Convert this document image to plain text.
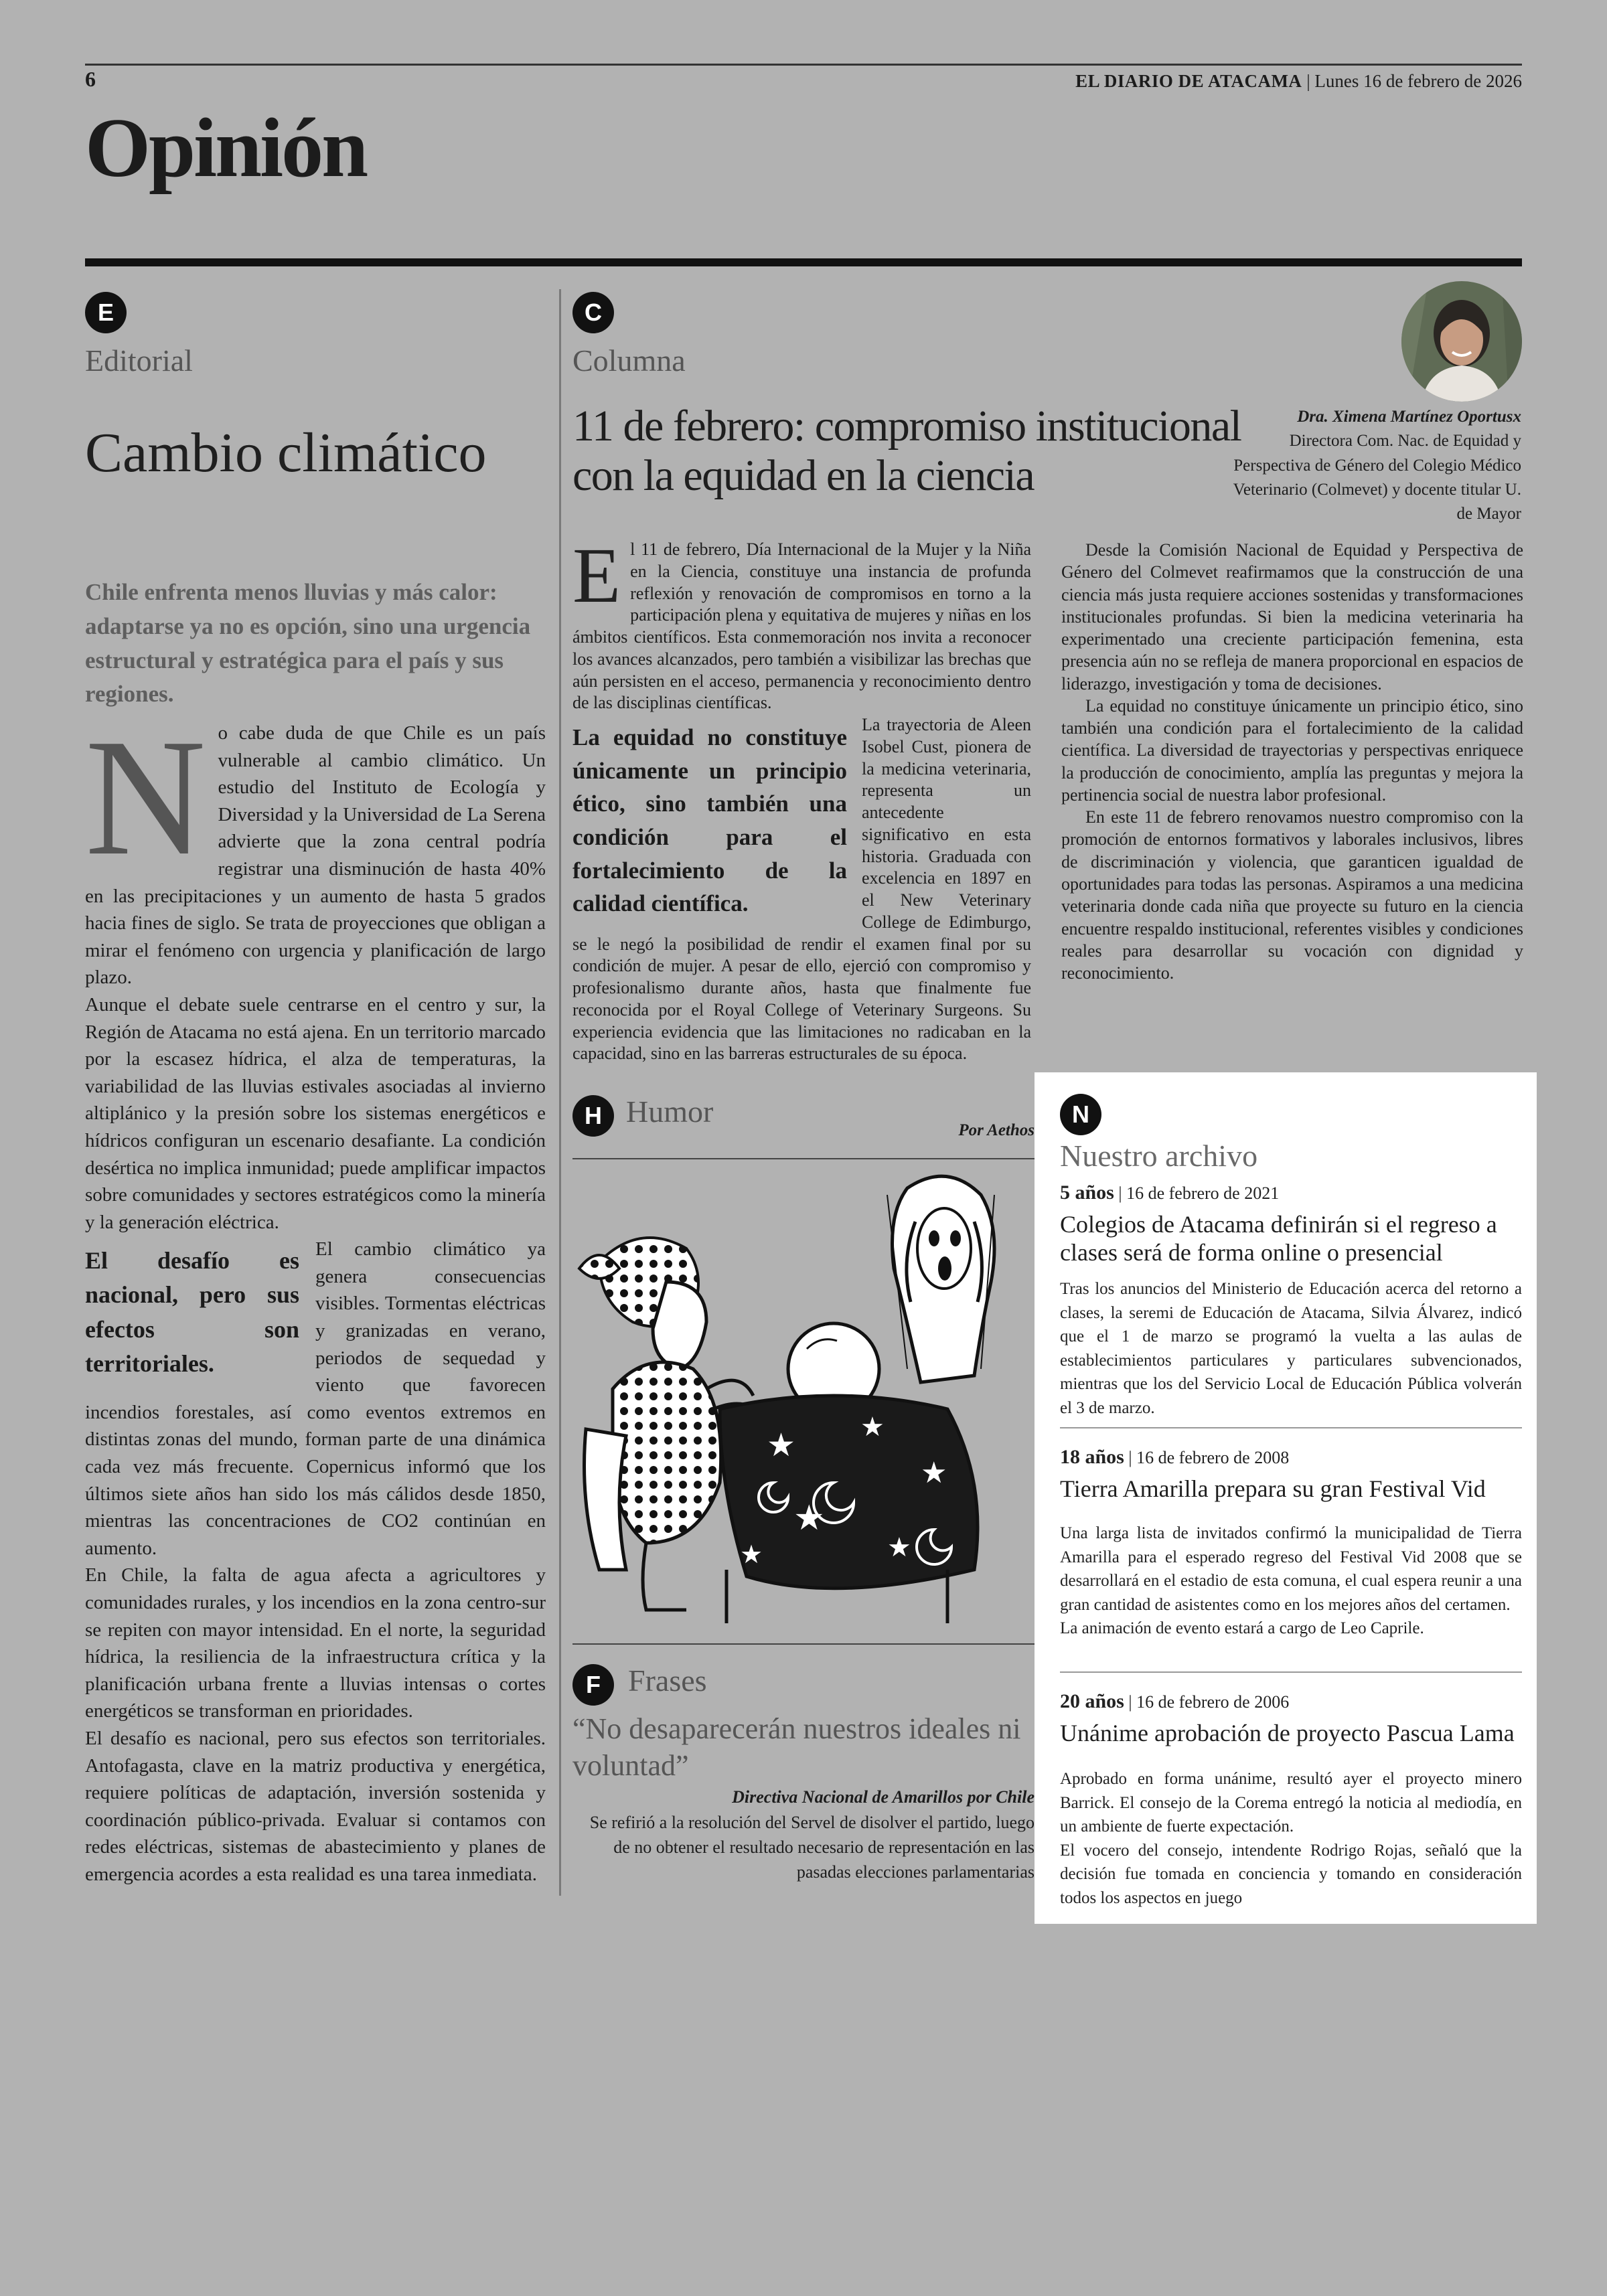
6	EL DIARIO DE ATACAMA | Lunes 16 de febrero de 2026
Opinión
E
Editorial
Cambio climático
Chile enfrenta menos lluvias y más calor: adaptarse ya no es opción, sino una urgencia estructural y estratégica para el país y sus regiones.
N o cabe duda de que Chile es un país vulnerable al cambio climático. Un estudio del Instituto de Ecología y Diversidad y la Universidad de La Serena advierte que la zona central podría registrar una disminución de hasta 40% en las precipitaciones y un aumento de hasta 5 grados hacia fines de siglo. Se trata de proyecciones que obligan a mirar el fenómeno con urgencia y planificación de largo plazo.

Aunque el debate suele centrarse en el centro y sur, la Región de Atacama no está ajena. En un territorio marcado por la escasez hídrica, el alza de temperaturas, la variabilidad de las lluvias estivales asociadas al invierno altiplánico y la presión sobre los sistemas energéticos e hídricos configuran un escenario desafiante. La condición desértica no implica inmunidad; puede amplificar impactos sobre comunidades y sectores estratégicos como la minería y la generación eléctrica.

El desafío es nacional, pero sus efectos son territoriales.

El cambio climático ya genera consecuencias visibles. Tormentas eléctricas y granizadas en verano, periodos de sequedad y viento que favorecen incendios forestales, así como eventos extremos en distintas zonas del mundo, forman parte de una dinámica cada vez más frecuente. Copernicus informó que los últimos siete años han sido los más cálidos desde 1850, mientras las concentraciones de CO2 continúan en aumento.

En Chile, la falta de agua afecta a agricultores y comunidades rurales, y los incendios en la zona centro-sur se repiten con mayor intensidad. En el norte, la seguridad hídrica, la resiliencia de la infraestructura crítica y la planificación urbana frente a lluvias intensas o cortes energéticos se transforman en prioridades.

El desafío es nacional, pero sus efectos son territoriales. Antofagasta, clave en la matriz productiva y energética, requiere políticas de adaptación, inversión sostenida y coordinación público-privada. Evaluar si contamos con redes eléctricas, sistemas de abastecimiento y planes de emergencia acordes a esta realidad es una tarea inmediata.

C
Columna
11 de febrero: compromiso institucional con la equidad en la ciencia
Dra. Ximena Martínez Oportusx
Directora Com. Nac. de Equidad y Perspectiva de Género del Colegio Médico Veterinario (Colmevet) y docente titular U. de Mayor
E l 11 de febrero, Día Internacional de la Mujer y la Niña en la Ciencia, constituye una instancia de profunda reflexión y renovación de compromisos en torno a la participación plena y equitativa de mujeres y niñas en los ámbitos científicos. Esta conmemoración nos invita a reconocer los avances alcanzados, pero también a visibilizar las brechas que aún persisten en el acceso, permanencia y reconocimiento dentro de las disciplinas científicas.

La equidad no constituye únicamente un principio ético, sino también una condición para el fortalecimiento de la calidad científica.

La trayectoria de Aleen Isobel Cust, pionera de la medicina veterinaria, representa un antecedente significativo en esta historia. Graduada con excelencia en 1897 en el New Veterinary College de Edimburgo, se le negó la posibilidad de rendir el examen final por su condición de mujer. A pesar de ello, ejerció con compromiso y profesionalismo durante años, hasta que finalmente fue reconocida por el Royal College of Veterinary Surgeons. Su experiencia evidencia que las limitaciones no radicaban en la capacidad, sino en las barreras estructurales de su época.

Desde la Comisión Nacional de Equidad y Perspectiva de Género del Colmevet reafirmamos que la construcción de una ciencia más justa requiere acciones sostenidas y transformaciones institucionales profundas. Si bien la medicina veterinaria ha experimentado una creciente participación femenina, esta presencia aún no se refleja de manera proporcional en espacios de liderazgo, investigación y toma de decisiones.

La equidad no constituye únicamente un principio ético, sino también una condición para el fortalecimiento de la calidad científica. La diversidad de trayectorias y perspectivas enriquece la producción de conocimiento, amplía las preguntas y mejora la pertinencia social de nuestra labor profesional.

En este 11 de febrero renovamos nuestro compromiso con la promoción de entornos formativos y laborales inclusivos, libres de discriminación y violencia, que garanticen igualdad de oportunidades para todas las personas. Aspiramos a una medicina veterinaria donde cada niña que proyecte su futuro en la ciencia encuentre respaldo institucional, referentes visibles y condiciones reales para desarrollar su vocación con dignidad y reconocimiento.

H Humor
Por Aethos
★ ★
★
★
★
★
F Frases
“No desaparecerán nuestros ideales ni voluntad”
Directiva Nacional de Amarillos por Chile
Se refirió a la resolución del Servel de disolver el partido, luego de no obtener el resultado necesario de representación en las pasadas elecciones parlamentarias
N
Nuestro archivo
5 años | 16 de febrero de 2021
Colegios de Atacama definirán si el regreso a clases será de forma online o presencial
Tras los anuncios del Ministerio de Educación acerca del retorno a clases, la seremi de Educación de Atacama, Silvia Álvarez, indicó que el 1 de marzo se programó la vuelta a las aulas de establecimientos particulares y particulares subvencionados, mientras que los del Servicio Local de Educación Pública volverán el 3 de marzo.
18 años | 16 de febrero de 2008
Tierra Amarilla prepara su gran Festival Vid

Una larga lista de invitados confirmó la municipalidad de Tierra Amarilla para el esperado regreso del Festival Vid 2008 que se desarrollará en el estadio de esta comuna, el cual espera reunir a una gran cantidad de asistentes como en los mejores años del certamen.

La animación de evento estará a cargo de Leo Caprile.

20 años | 16 de febrero de 2006
Unánime aprobación de proyecto Pascua Lama

Aprobado en forma unánime, resultó ayer el proyecto minero Barrick. El consejo de la Corema entregó la noticia al mediodía, en un ambiente de fuerte expectación.

El vocero del consejo, intendente Rodrigo Rojas, señaló que la decisión fue tomada en conciencia y tomando en consideración todos los aspectos en juego
